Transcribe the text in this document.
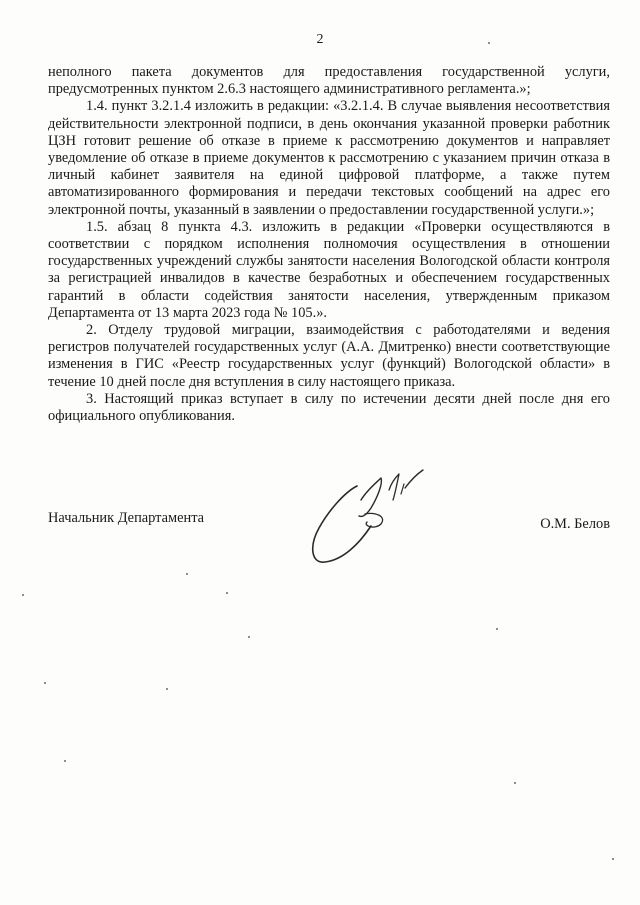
2

неполного пакета документов для предоставления государственной услуги, предусмотренных пунктом 2.6.3 настоящего административного регламента.»;

1.4. пункт 3.2.1.4 изложить в редакции: «3.2.1.4. В случае выявления несоответствия действительности электронной подписи, в день окончания указанной проверки работник ЦЗН готовит решение об отказе в приеме к рассмотрению документов и направляет уведомление об отказе в приеме документов к рассмотрению с указанием причин отказа в личный кабинет заявителя на единой цифровой платформе, а также путем автоматизированного формирования и передачи текстовых сообщений на адрес его электронной почты, указанный в заявлении о предоставлении государственной услуги.»;

1.5. абзац 8 пункта 4.3. изложить в редакции «Проверки осуществляются в соответствии с порядком исполнения полномочия осуществления в отношении государственных учреждений службы занятости населения Вологодской области контроля за регистрацией инвалидов в качестве безработных и обеспечением государственных гарантий в области содействия занятости населения, утвержденным приказом Департамента от 13 марта 2023 года № 105.».

2. Отделу трудовой миграции, взаимодействия с работодателями и ведения регистров получателей государственных услуг (А.А. Дмитренко) внести соответствующие изменения в ГИС «Реестр государственных услуг (функций) Вологодской области» в течение 10 дней после дня вступления в силу настоящего приказа.

3. Настоящий приказ вступает в силу по истечении десяти дней после дня его официального опубликования.

Начальник Департамента	О.М. Белов
